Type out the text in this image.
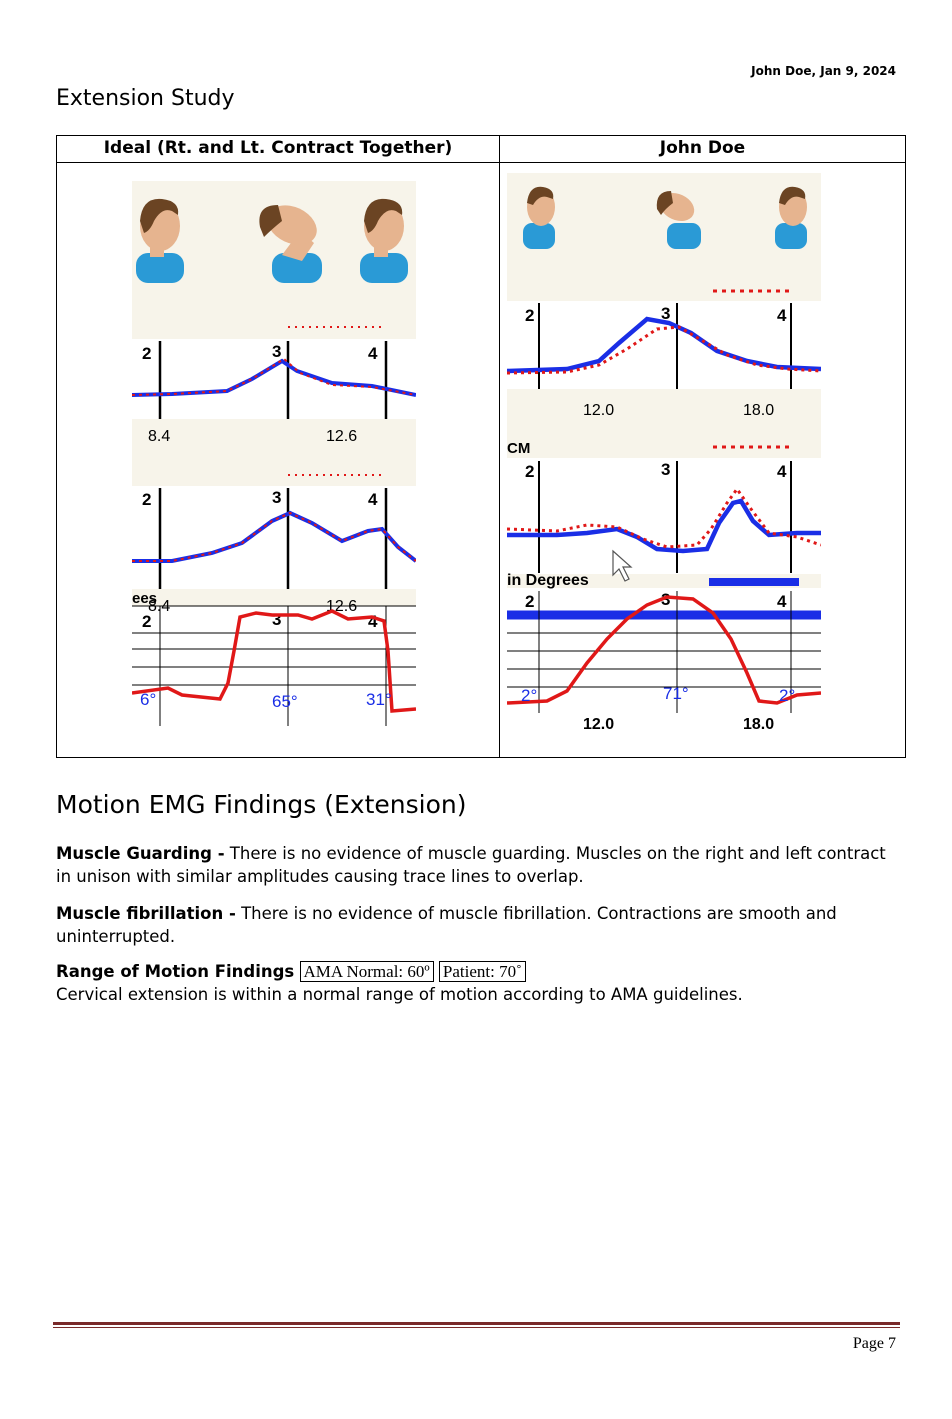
John Doe, Jan 9, 2024
Extension Study
Ideal (Rt. and Lt. Contract Together)	John Doe
2	3	4
8.4	12.6
2	3	4
ees
8.4	12.6
2	3	4
6°	65°	31°
2	3	4
12.0	18.0
CM
2	3	4
in Degrees
2	3	4
2°	71°	2°
12.0	18.0
Motion EMG Findings (Extension)
Muscle Guarding - There is no evidence of muscle guarding. Muscles on the right and left contract in unison with similar amplitudes causing trace lines to overlap.
Muscle fibrillation - There is no evidence of muscle fibrillation. Contractions are smooth and uninterrupted.
Range of Motion Findings AMA Normal: 60º Patient: 70˚
Cervical extension is within a normal range of motion according to AMA guidelines.
Page 7
